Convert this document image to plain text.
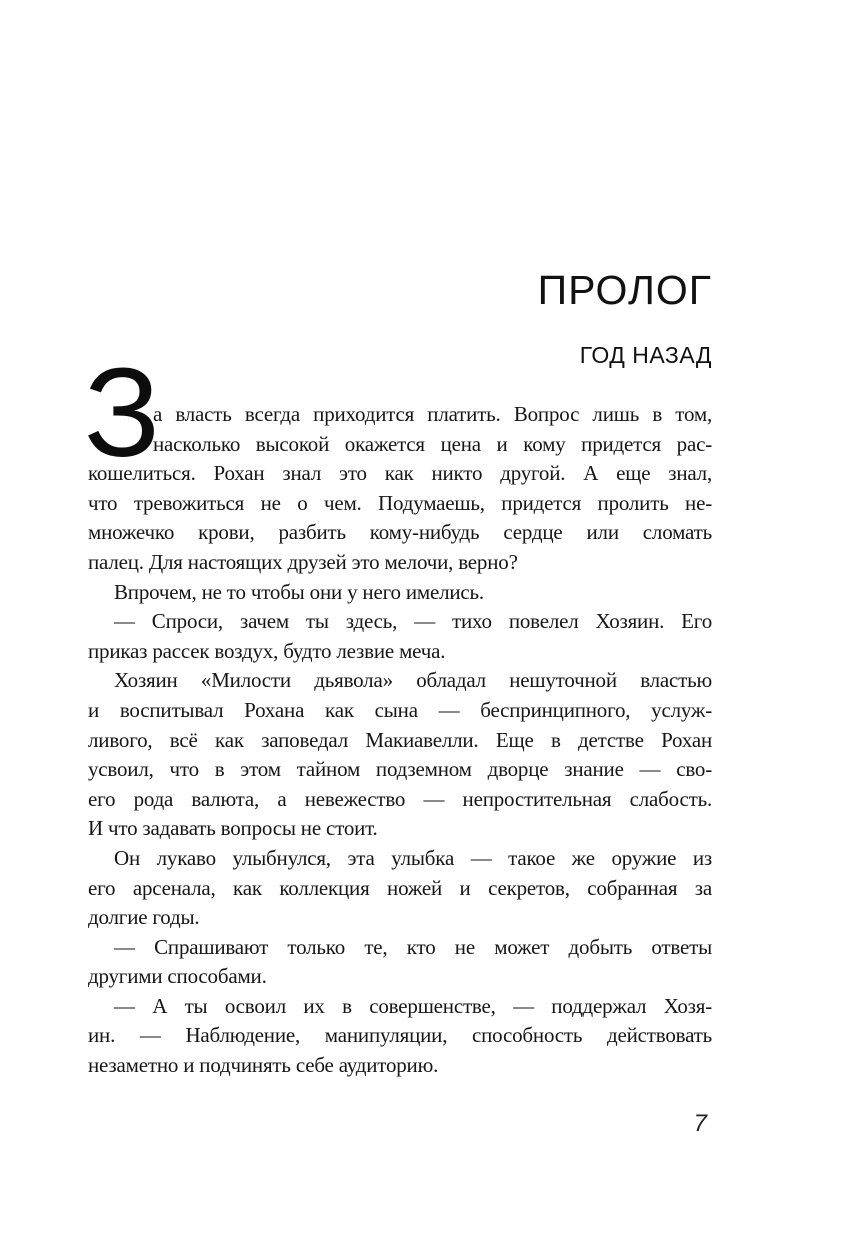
ПРОЛОГ
ГОД НАЗАД
З
а власть всегда приходится платить. Вопрос лишь в том,
насколько высокой окажется цена и кому придется рас-
кошелиться. Рохан знал это как никто другой. А еще знал,
что тревожиться не о чем. Подумаешь, придется пролить не-
множечко крови, разбить кому-нибудь сердце или сломать
палец. Для настоящих друзей это мелочи, верно?
Впрочем, не то чтобы они у него имелись.
— Спроси, зачем ты здесь, — тихо повелел Хозяин. Его
приказ рассек воздух, будто лезвие меча.
Хозяин «Милости дьявола» обладал нешуточной властью
и воспитывал Рохана как сына — беспринципного, услуж-
ливого, всё как заповедал Макиавелли. Еще в детстве Рохан
усвоил, что в этом тайном подземном дворце знание — сво-
его рода валюта, а невежество — непростительная слабость.
И что задавать вопросы не стоит.
Он лукаво улыбнулся, эта улыбка — такое же оружие из
его арсенала, как коллекция ножей и секретов, собранная за
долгие годы.
— Спрашивают только те, кто не может добыть ответы
другими способами.
— А ты освоил их в совершенстве, — поддержал Хозя-
ин. — Наблюдение, манипуляции, способность действовать
незаметно и подчинять себе аудиторию.
7
